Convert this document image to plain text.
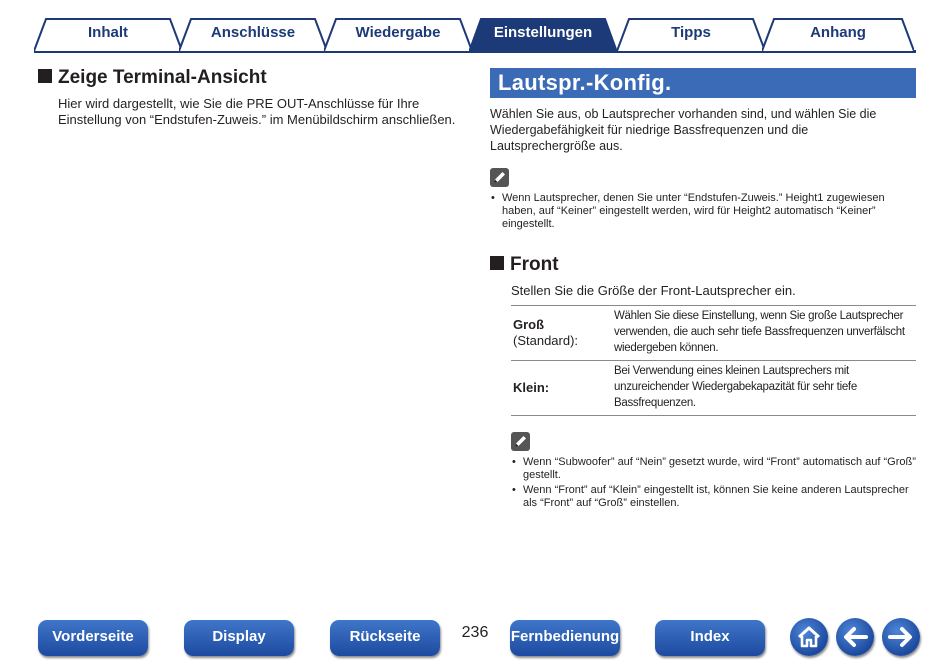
Inhalt	Anschlüsse	Wiedergabe	Einstellungen	Tipps	Anhang
Zeige Terminal-Ansicht

Hier wird dargestellt, wie Sie die PRE OUT-Anschlüsse für Ihre Einstellung von “Endstufen-Zuweis.” im Menübildschirm anschließen.

Lautspr.-Konfig.

Wählen Sie aus, ob Lautsprecher vorhanden sind, und wählen Sie die Wiedergabefähigkeit für niedrige Bassfrequenzen und die Lautsprechergröße aus.

• Wenn Lautsprecher, denen Sie unter “Endstufen-Zuweis.” Height1 zugewiesen haben, auf “Keiner” eingestellt werden, wird für Height2 automatisch “Keiner” eingestellt.
Front

Stellen Sie die Größe der Front-Lautsprecher ein.

Groß
(Standard):	Wählen Sie diese Einstellung, wenn Sie große Lautsprecher verwenden, die auch sehr tiefe Bassfrequenzen unverfälscht wiedergeben können.
Klein:	Bei Verwendung eines kleinen Lautsprechers mit unzureichender Wiedergabekapazität für sehr tiefe Bassfrequenzen.
• Wenn “Subwoofer” auf “Nein” gesetzt wurde, wird “Front” automatisch auf “Groß” gestellt.
• Wenn “Front” auf “Klein” eingestellt ist, können Sie keine anderen Lautsprecher als “Front” auf “Groß” einstellen.
Vorderseite	Display	Rückseite	236	Fernbedienung	Index
